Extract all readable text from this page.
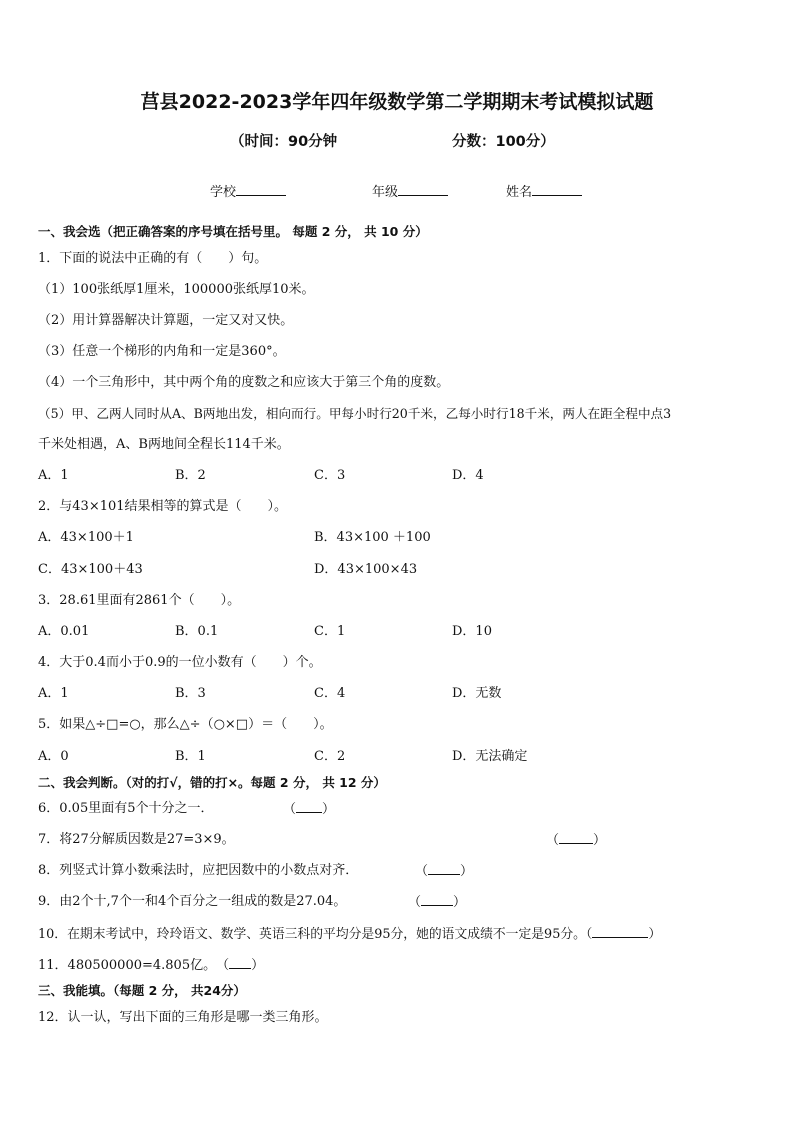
莒县2022-2023学年四年级数学第二学期期末考试模拟试题
（时间：90分钟	分数：100分）
学校	年级	姓名
一、我会选（把正确答案的序号填在括号里。 每题 2 分， 共 10 分）
1．下面的说法中正确的有（　　）句。
（1）100张纸厚1厘米，100000张纸厚10米。
（2）用计算器解决计算题，一定又对又快。
（3）任意一个梯形的内角和一定是360°。
（4）一个三角形中，其中两个角的度数之和应该大于第三个角的度数。
（5）甲、乙两人同时从A、B两地出发，相向而行。甲每小时行20千米，乙每小时行18千米，两人在距全程中点3
千米处相遇，A、B两地间全程长114千米。
A．1	B．2	C．3	D．4
2．与43×101结果相等的算式是（　　）。
A．43×100＋1	B．43×100 ＋100
C．43×100＋43	D．43×100×43
3．28.61里面有2861个（　　）。
A．0.01	B．0.1	C．1	D．10
4．大于0.4而小于0.9的一位小数有（　　）个。
A．1	B．3	C．4	D．无数
5．如果△÷□=○，那么△÷（○×□）＝（　　）。
A．0	B．1	C．2	D．无法确定
二、我会判断。（对的打√，错的打×。每题 2 分， 共 12 分）
6．0.05里面有5个十分之一．	（ ）
7．将27分解质因数是27=3×9。	（	）
8．列竖式计算小数乘法时，应把因数中的小数点对齐．	（ ）
9．由2个十,7个一和4个百分之一组成的数是27.04。	（ ）
10．在期末考试中，玲玲语文、数学、英语三科的平均分是95分，她的语文成绩不一定是95分。（	）
11．480500000=4.805亿。　 （ ）
三、我能填。（每题 2 分， 共24分）
12．认一认，写出下面的三角形是哪一类三角形。
